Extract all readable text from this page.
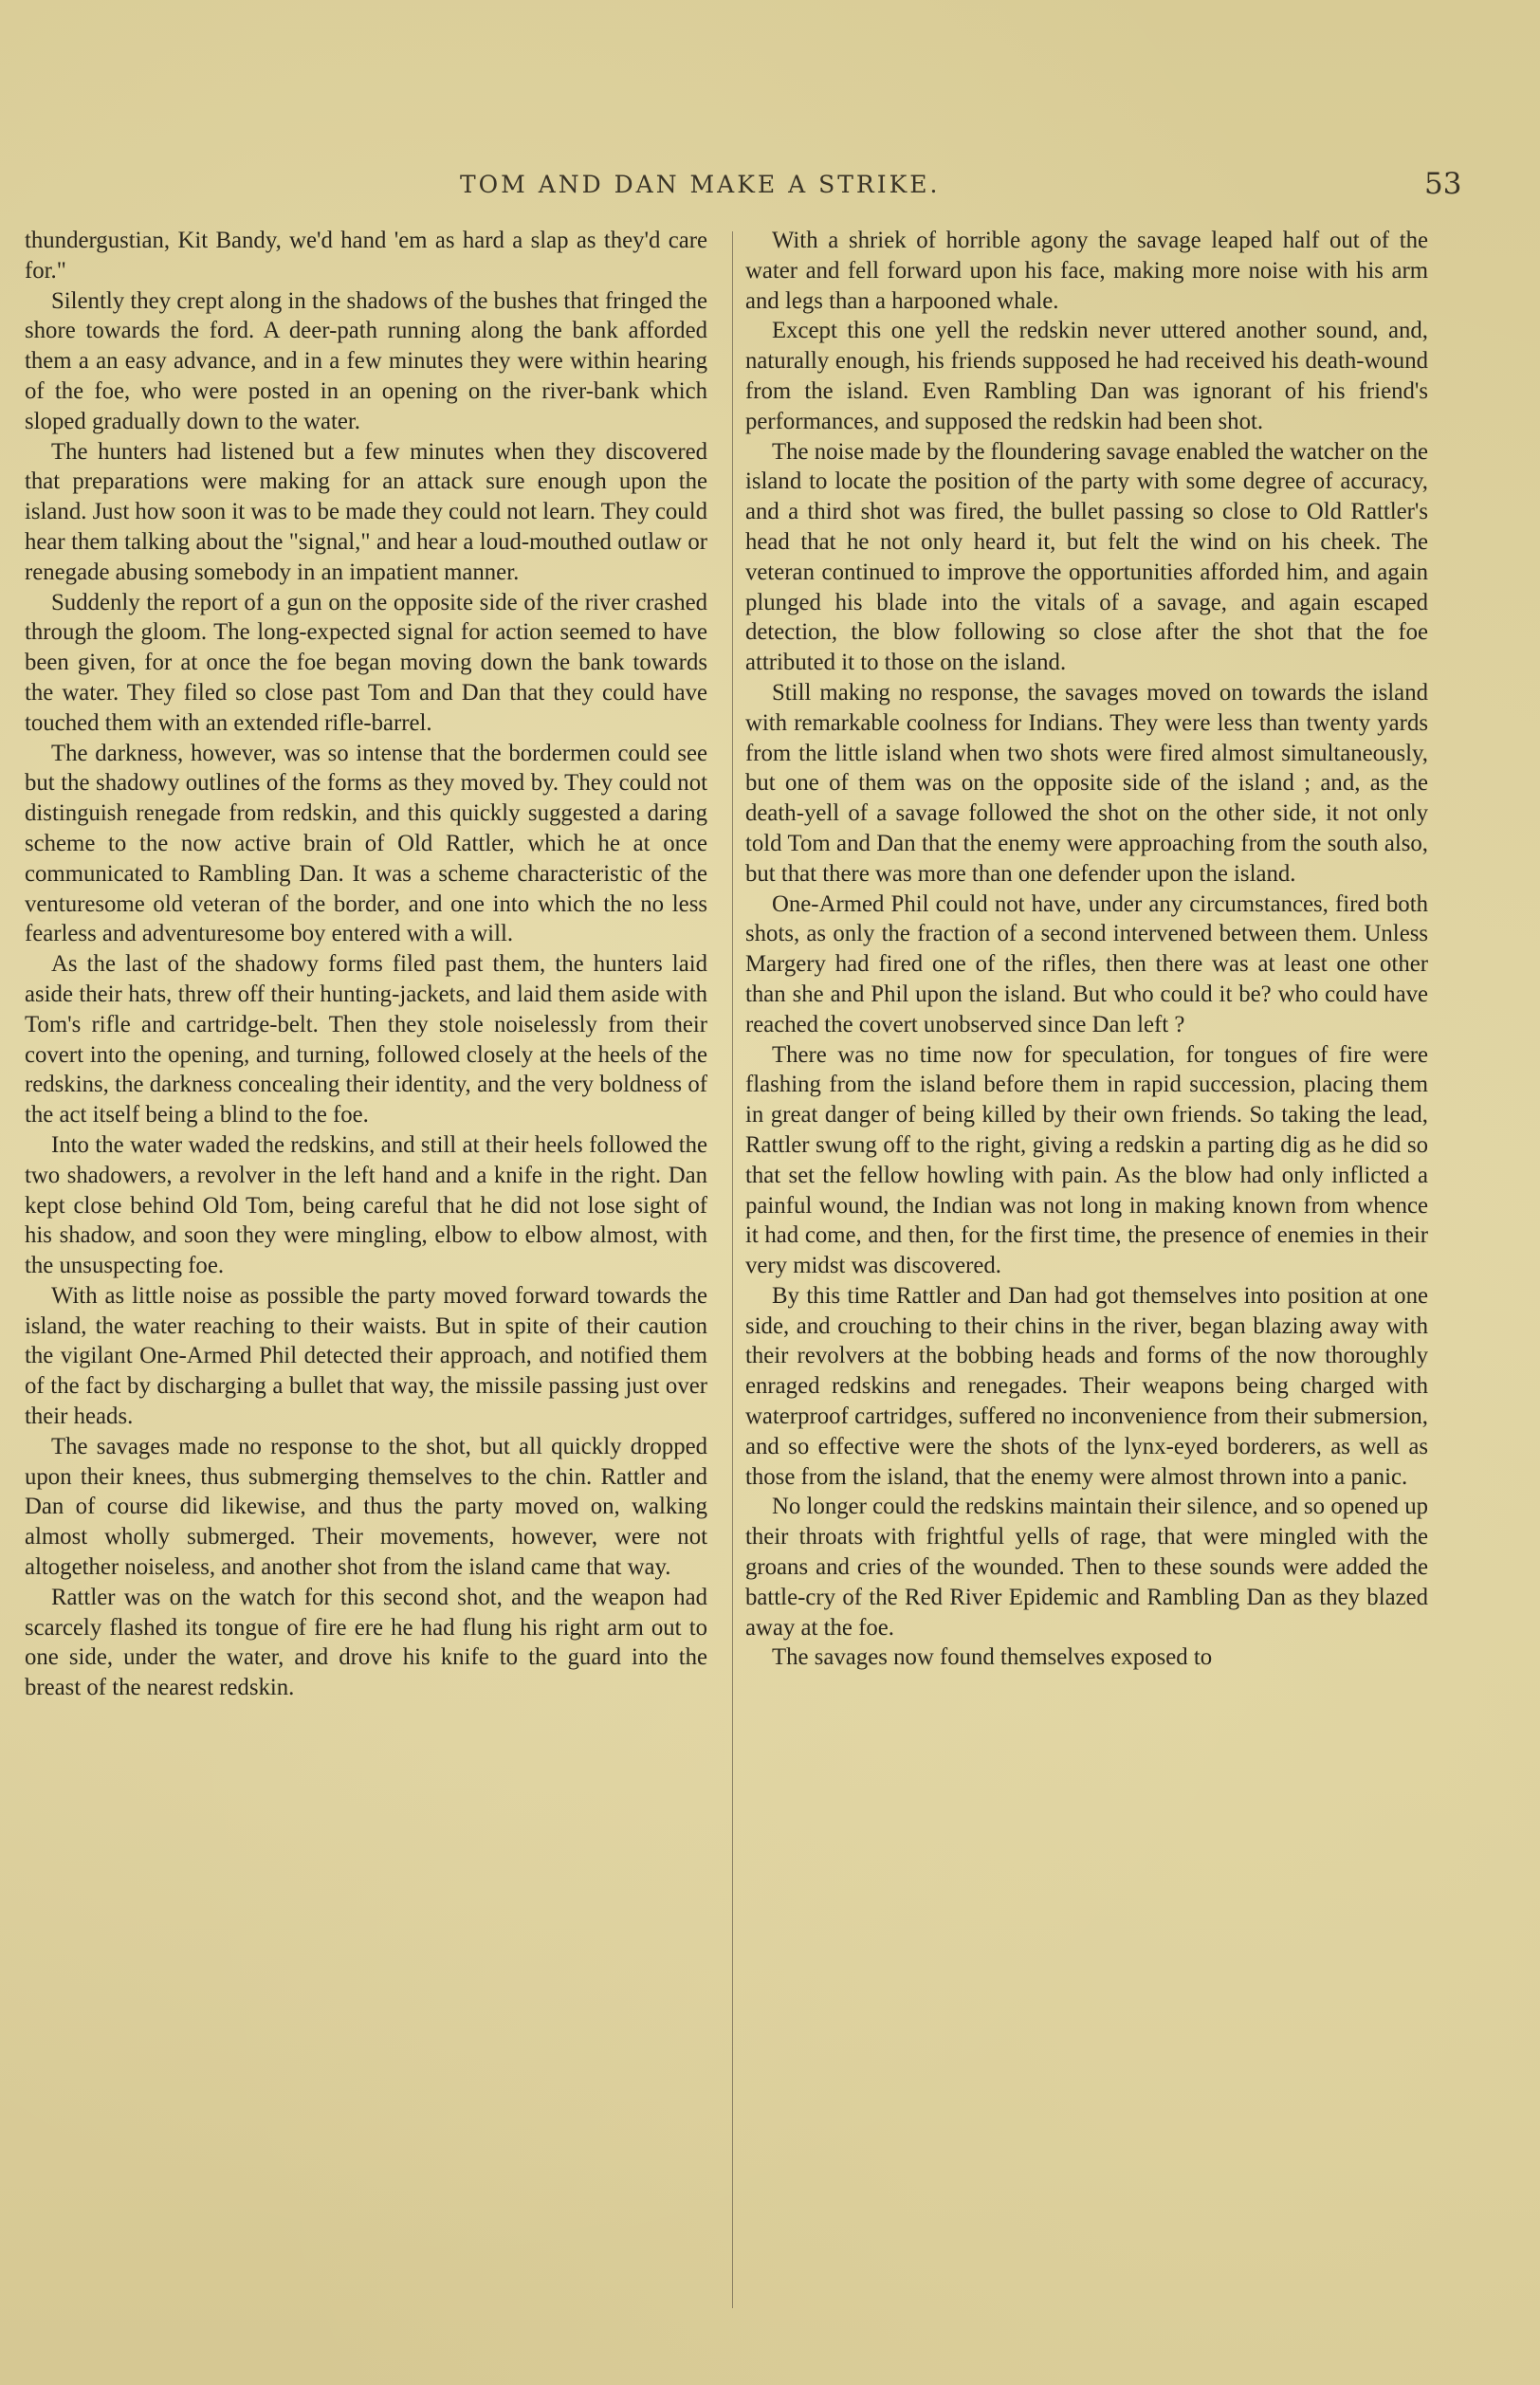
TOM AND DAN MAKE A STRIKE.	53

thundergustian, Kit Bandy, we'd hand 'em as hard a slap as they'd care for."

Silently they crept along in the shadows of the bushes that fringed the shore towards the ford. A deer-path running along the bank afforded them a an easy advance, and in a few minutes they were within hearing of the foe, who were posted in an opening on the river-bank which sloped gradually down to the water.

The hunters had listened but a few minutes when they discovered that preparations were making for an attack sure enough upon the island. Just how soon it was to be made they could not learn. They could hear them talking about the "signal," and hear a loud-mouthed outlaw or renegade abusing somebody in an impatient manner.

Suddenly the report of a gun on the opposite side of the river crashed through the gloom. The long-expected signal for action seemed to have been given, for at once the foe began moving down the bank towards the water. They filed so close past Tom and Dan that they could have touched them with an extended rifle-barrel.

The darkness, however, was so intense that the bordermen could see but the shadowy outlines of the forms as they moved by. They could not distinguish renegade from redskin, and this quickly suggested a daring scheme to the now active brain of Old Rattler, which he at once communicated to Rambling Dan. It was a scheme characteristic of the venturesome old veteran of the border, and one into which the no less fearless and adventuresome boy entered with a will.

As the last of the shadowy forms filed past them, the hunters laid aside their hats, threw off their hunting-jackets, and laid them aside with Tom's rifle and cartridge-belt. Then they stole noiselessly from their covert into the opening, and turning, followed closely at the heels of the redskins, the darkness concealing their identity, and the very boldness of the act itself being a blind to the foe.

Into the water waded the redskins, and still at their heels followed the two shadowers, a revolver in the left hand and a knife in the right. Dan kept close behind Old Tom, being careful that he did not lose sight of his shadow, and soon they were mingling, elbow to elbow almost, with the unsuspecting foe.

With as little noise as possible the party moved forward towards the island, the water reaching to their waists. But in spite of their caution the vigilant One-Armed Phil detected their approach, and notified them of the fact by discharging a bullet that way, the missile passing just over their heads.

The savages made no response to the shot, but all quickly dropped upon their knees, thus submerging themselves to the chin. Rattler and Dan of course did likewise, and thus the party moved on, walking almost wholly submerged. Their movements, however, were not altogether noiseless, and another shot from the island came that way.

Rattler was on the watch for this second shot, and the weapon had scarcely flashed its tongue of fire ere he had flung his right arm out to one side, under the water, and drove his knife to the guard into the breast of the nearest redskin.

With a shriek of horrible agony the savage leaped half out of the water and fell forward upon his face, making more noise with his arm and legs than a harpooned whale.

Except this one yell the redskin never uttered another sound, and, naturally enough, his friends supposed he had received his death-wound from the island. Even Rambling Dan was ignorant of his friend's performances, and supposed the redskin had been shot.

The noise made by the floundering savage enabled the watcher on the island to locate the position of the party with some degree of accuracy, and a third shot was fired, the bullet passing so close to Old Rattler's head that he not only heard it, but felt the wind on his cheek. The veteran continued to improve the opportunities afforded him, and again plunged his blade into the vitals of a savage, and again escaped detection, the blow following so close after the shot that the foe attributed it to those on the island.

Still making no response, the savages moved on towards the island with remarkable coolness for Indians. They were less than twenty yards from the little island when two shots were fired almost simultaneously, but one of them was on the opposite side of the island ; and, as the death-yell of a savage followed the shot on the other side, it not only told Tom and Dan that the enemy were approaching from the south also, but that there was more than one defender upon the island.

One-Armed Phil could not have, under any circumstances, fired both shots, as only the fraction of a second intervened between them. Unless Margery had fired one of the rifles, then there was at least one other than she and Phil upon the island. But who could it be? who could have reached the covert unobserved since Dan left ?

There was no time now for speculation, for tongues of fire were flashing from the island before them in rapid succession, placing them in great danger of being killed by their own friends. So taking the lead, Rattler swung off to the right, giving a redskin a parting dig as he did so that set the fellow howling with pain. As the blow had only inflicted a painful wound, the Indian was not long in making known from whence it had come, and then, for the first time, the presence of enemies in their very midst was discovered.

By this time Rattler and Dan had got themselves into position at one side, and crouching to their chins in the river, began blazing away with their revolvers at the bobbing heads and forms of the now thoroughly enraged redskins and renegades. Their weapons being charged with waterproof cartridges, suffered no inconvenience from their submersion, and so effective were the shots of the lynx-eyed borderers, as well as those from the island, that the enemy were almost thrown into a panic.

No longer could the redskins maintain their silence, and so opened up their throats with frightful yells of rage, that were mingled with the groans and cries of the wounded. Then to these sounds were added the battle-cry of the Red River Epidemic and Rambling Dan as they blazed away at the foe.

The savages now found themselves exposed to
